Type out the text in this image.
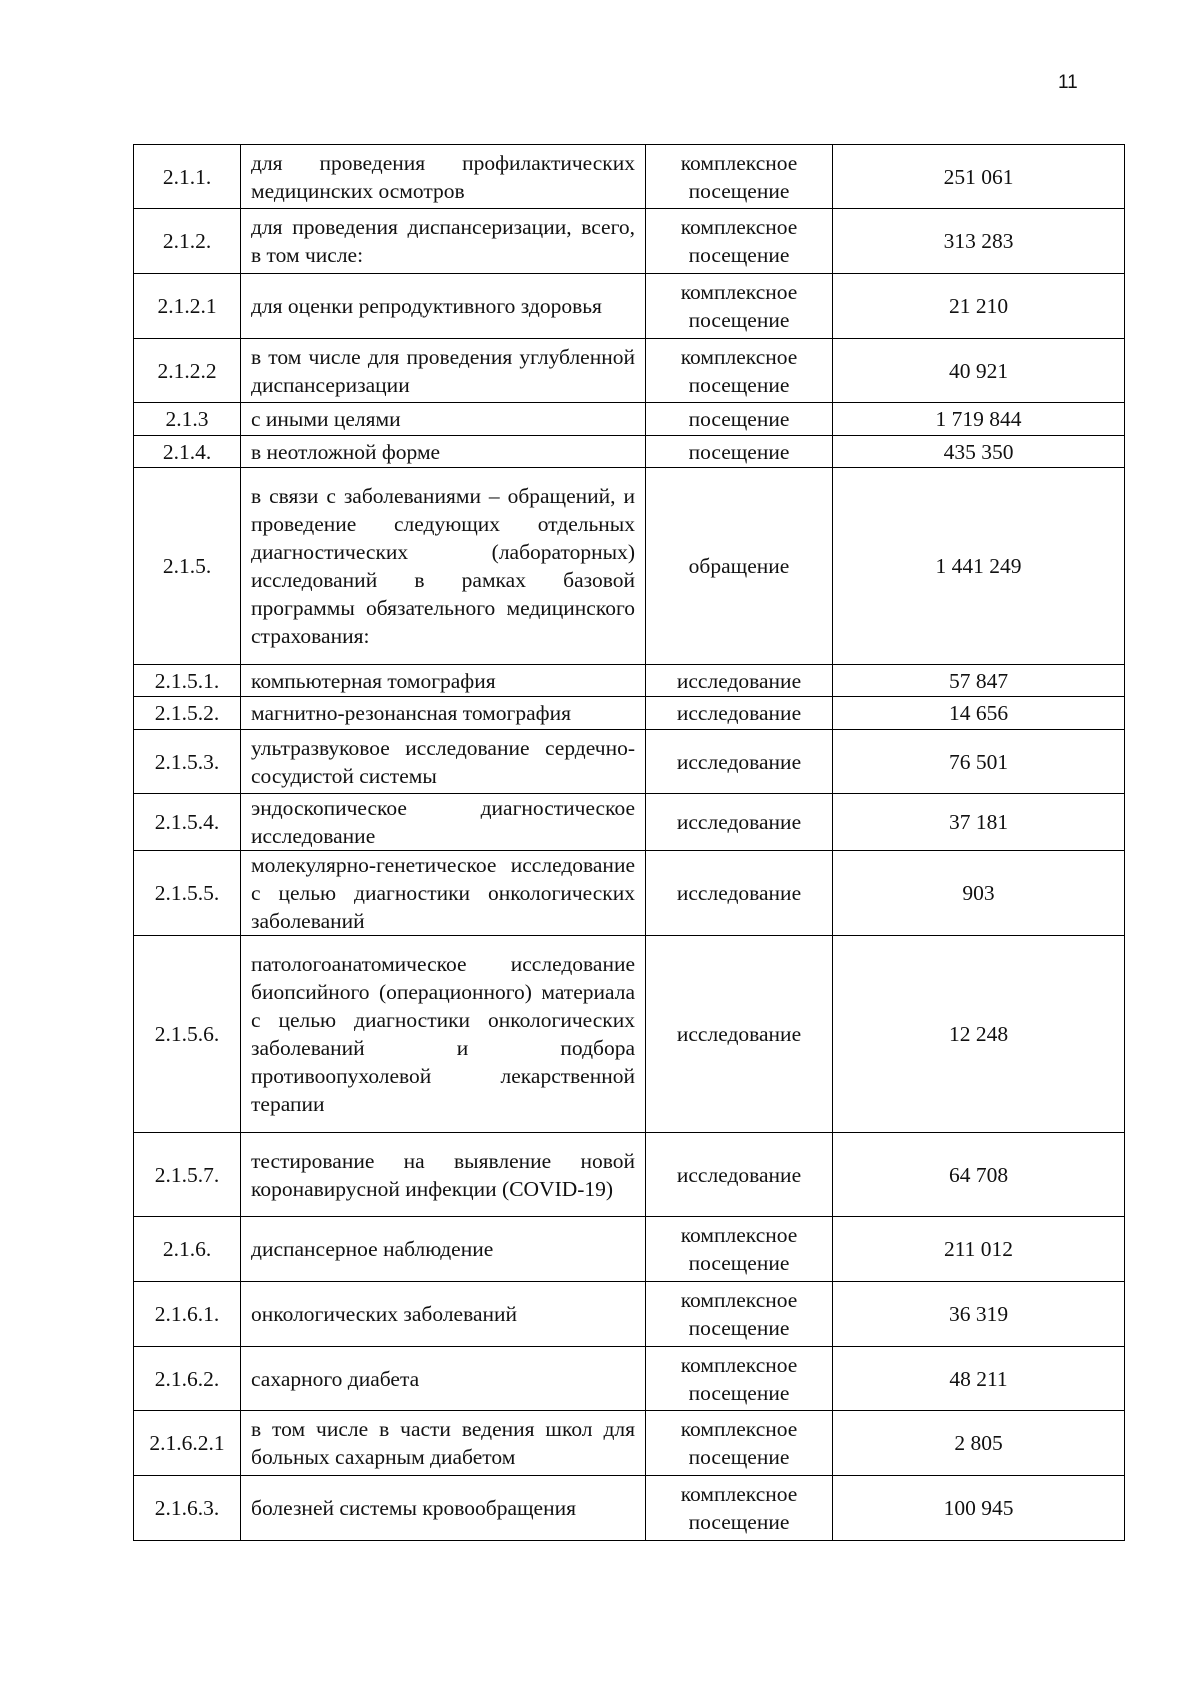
11
2.1.1.	для проведения профилактических медицинских осмотров	комплексное посещение	251 061
2.1.2.	для проведения диспансеризации, всего, в том числе:	комплексное посещение	313 283
2.1.2.1	для оценки репродуктивного здоровья	комплексное посещение	21 210
2.1.2.2	в том числе для проведения углубленной диспансеризации	комплексное посещение	40 921
2.1.3	с иными целями	посещение	1 719 844
2.1.4.	в неотложной форме	посещение	435 350
2.1.5.	в связи с заболеваниями – обращений, и проведение следующих отдельных диагностических (лабораторных) исследований в рамках базовой программы обязательного медицинского страхования:	обращение	1 441 249
2.1.5.1.	компьютерная томография	исследование	57 847
2.1.5.2.	магнитно-резонансная томография	исследование	14 656
2.1.5.3.	ультразвуковое исследование сердечно-сосудистой системы	исследование	76 501
2.1.5.4.	эндоскопическое диагностическое исследование	исследование	37 181
2.1.5.5.	молекулярно-генетическое исследование с целью диагностики онкологических заболеваний	исследование	903
2.1.5.6.	патологоанатомическое исследование биопсийного (операционного) материала с целью диагностики онкологических заболеваний и подбора противоопухолевой лекарственной терапии	исследование	12 248
2.1.5.7.	тестирование на выявление новой коронавирусной инфекции (COVID-19)	исследование	64 708
2.1.6.	диспансерное наблюдение	комплексное посещение	211 012
2.1.6.1.	онкологических заболеваний	комплексное посещение	36 319
2.1.6.2.	сахарного диабета	комплексное посещение	48 211
2.1.6.2.1	в том числе в части ведения школ для больных сахарным диабетом	комплексное посещение	2 805
2.1.6.3.	болезней системы кровообращения	комплексное посещение	100 945
